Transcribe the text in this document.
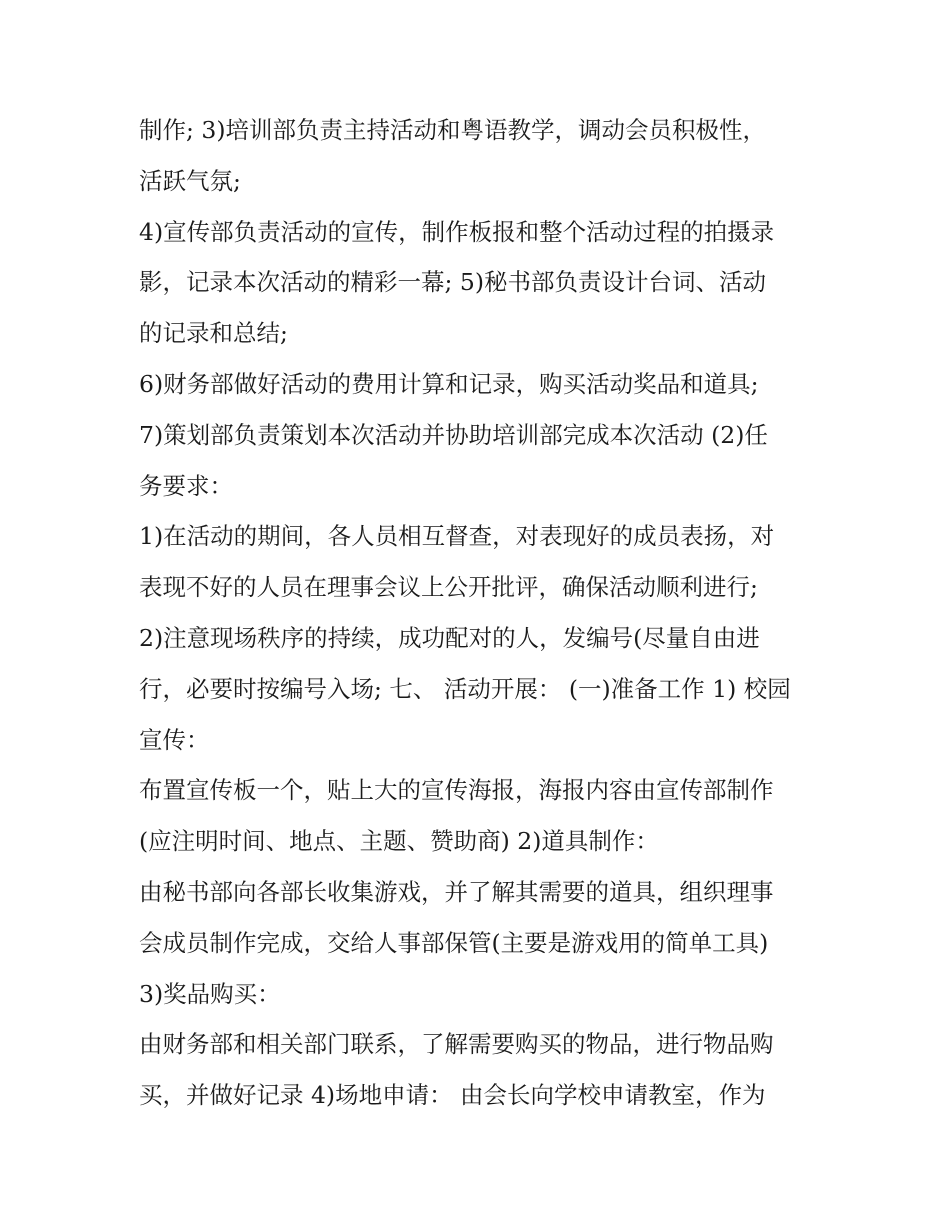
制作; 3)培训部负责主持活动和粤语教学，调动会员积极性，
活跃气氛;
4)宣传部负责活动的宣传，制作板报和整个活动过程的拍摄录
影，记录本次活动的精彩一幕; 5)秘书部负责设计台词、活动
的记录和总结;
6)财务部做好活动的费用计算和记录，购买活动奖品和道具;
7)策划部负责策划本次活动并协助培训部完成本次活动 (2)任
务要求：
1)在活动的期间，各人员相互督查，对表现好的成员表扬，对
表现不好的人员在理事会议上公开批评，确保活动顺利进行;
2)注意现场秩序的持续，成功配对的人，发编号(尽量自由进
行，必要时按编号入场; 七、 活动开展： (一)准备工作 1) 校园
宣传：
布置宣传板一个，贴上大的宣传海报，海报内容由宣传部制作
(应注明时间、地点、主题、赞助商) 2)道具制作：
由秘书部向各部长收集游戏，并了解其需要的道具，组织理事
会成员制作完成，交给人事部保管(主要是游戏用的简单工具)
3)奖品购买：
由财务部和相关部门联系，了解需要购买的物品，进行物品购
买，并做好记录 4)场地申请： 由会长向学校申请教室，作为
